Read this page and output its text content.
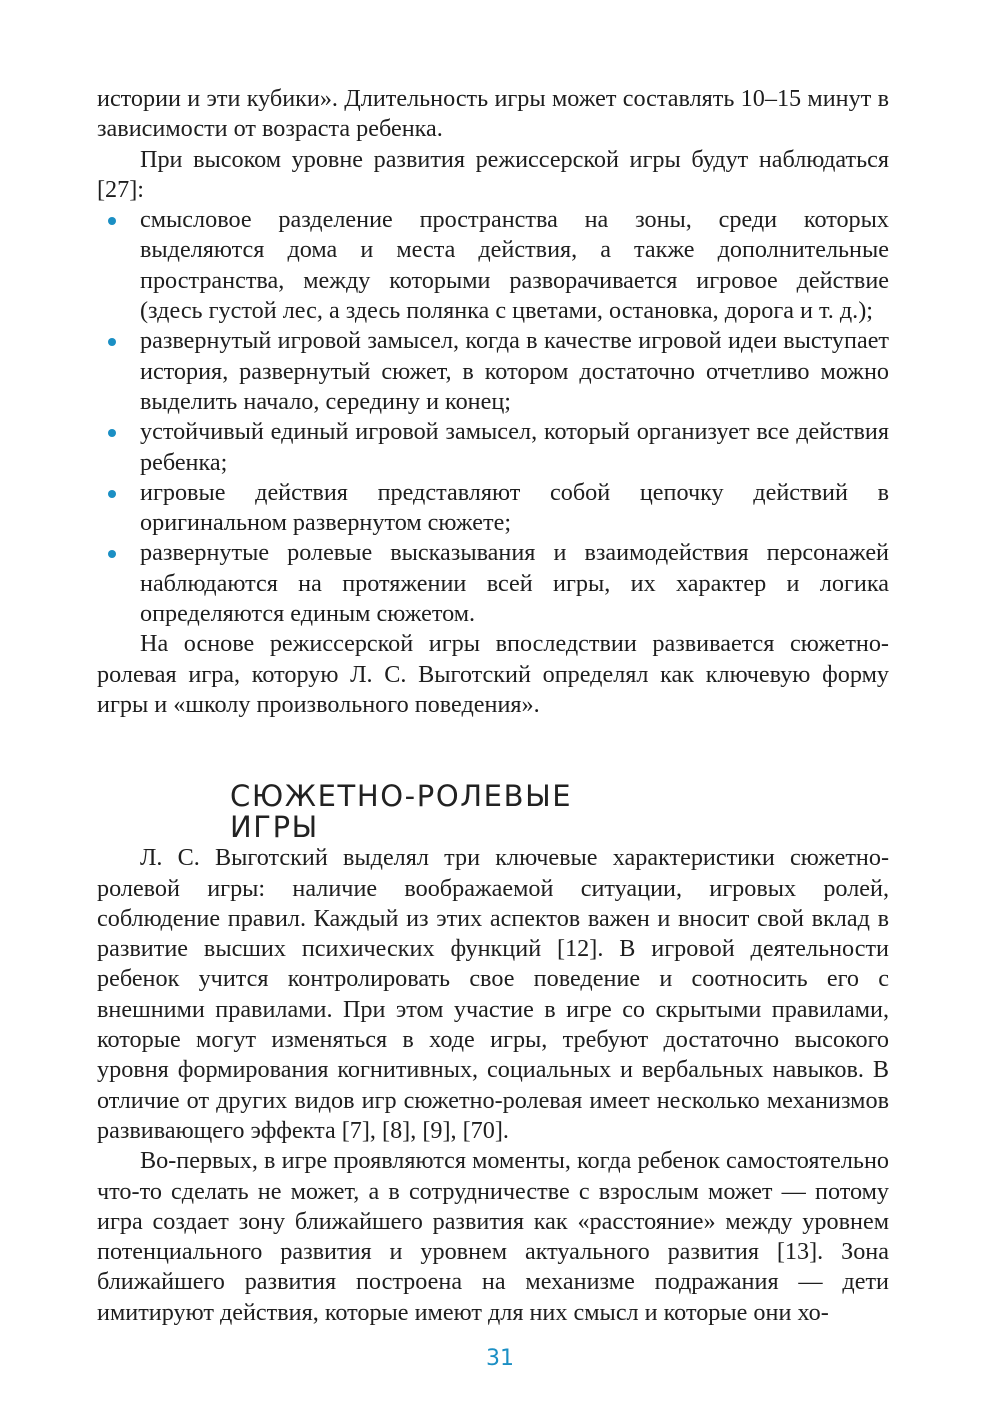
истории и эти кубики». Длительность игры может составлять 10–15 минут в зависимости от возраста ребенка.

При высоком уровне развития режиссерской игры будут наблюдаться [27]:

смысловое разделение пространства на зоны, среди которых выделяются дома и места действия, а также дополнительные пространства, между которыми разворачивается игровое действие (здесь густой лес, а здесь полянка с цветами, остановка, дорога и т. д.);
развернутый игровой замысел, когда в качестве игровой идеи выступает история, развернутый сюжет, в котором достаточно отчетливо можно выделить начало, середину и конец;
устойчивый единый игровой замысел, который организует все действия ребенка;
игровые действия представляют собой цепочку действий в оригинальном развернутом сюжете;
развернутые ролевые высказывания и взаимодействия персонажей наблюдаются на протяжении всей игры, их характер и логика определяются единым сюжетом.

На основе режиссерской игры впоследствии развивается сюжетно-ролевая игра, которую Л. С. Выготский определял как ключевую форму игры и «школу произвольного поведения».

СЮЖЕТНО-РОЛЕВЫЕ
ИГРЫ

Л. С. Выготский выделял три ключевые характеристики сюжетно-ролевой игры: наличие воображаемой ситуации, игровых ролей, соблюдение правил. Каждый из этих аспектов важен и вносит свой вклад в развитие высших психических функций [12]. В игровой деятельности ребенок учится контролировать свое поведение и соотносить его с внешними правилами. При этом участие в игре со скрытыми правилами, которые могут изменяться в ходе игры, требуют достаточно высокого уровня формирования когнитивных, социальных и вербальных навыков. В отличие от других видов игр сюжетно-ролевая имеет несколько механизмов развивающего эффекта [7], [8], [9], [70].

Во-первых, в игре проявляются моменты, когда ребенок самостоятельно что-то сделать не может, а в сотрудничестве с взрослым может — потому игра создает зону ближайшего развития как «расстояние» между уровнем потенциального развития и уровнем актуального развития [13]. Зона ближайшего развития построена на механизме подражания — дети имитируют действия, которые имеют для них смысл и которые они хо-

31
